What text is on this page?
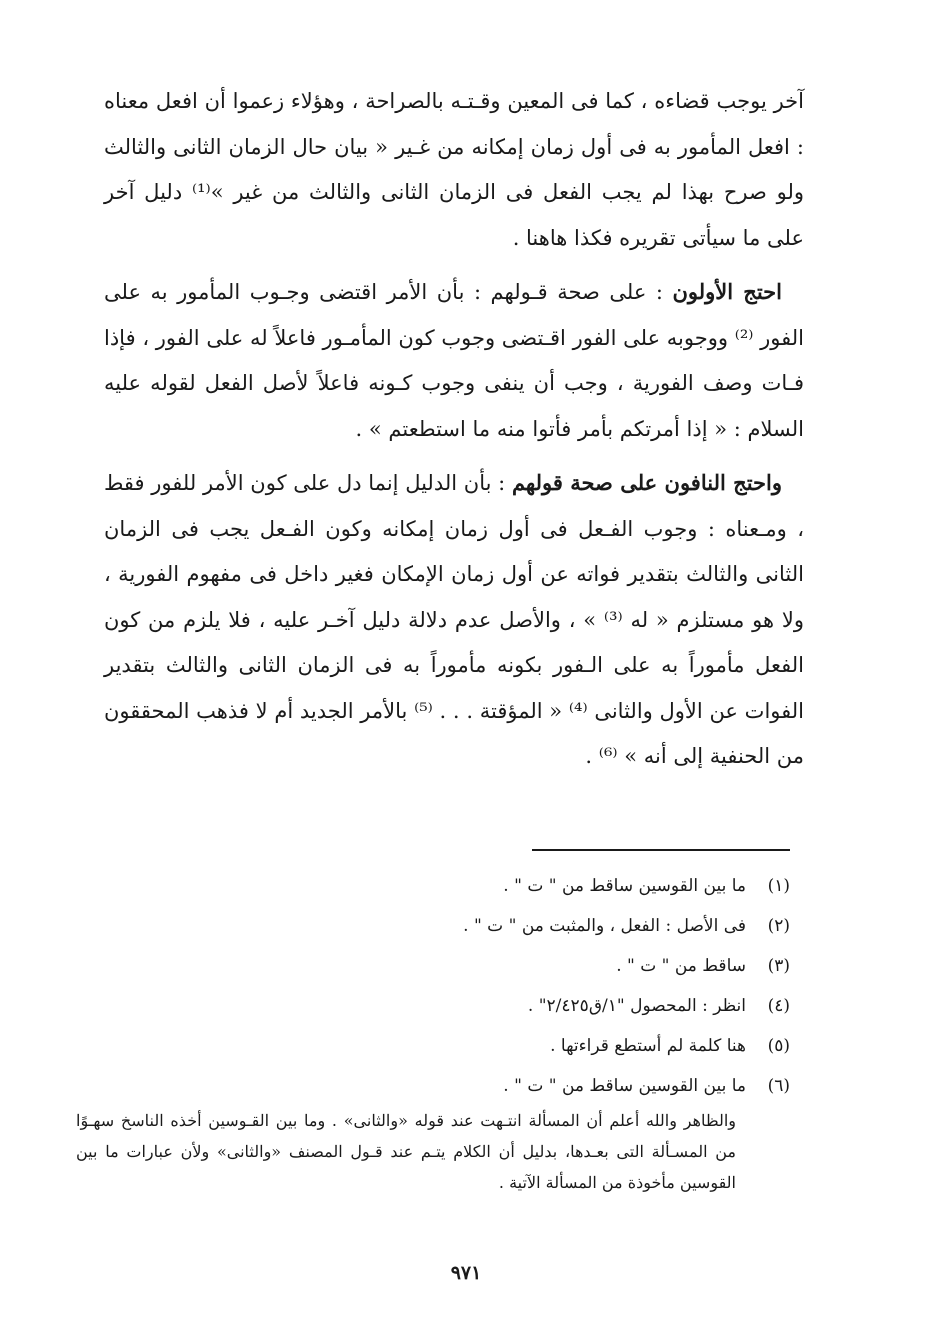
آخر يوجب قضاءه ، كما فى المعين وقـتـه بالصراحة ، وهؤلاء زعموا أن افعل معناه : افعل المأمور به فى أول زمان إمكانه من غـير « بيان حال الزمان الثانى والثالث ولو صرح بهذا لم يجب الفعل فى الزمان الثانى والثالث من غير »⁽¹⁾ دليل آخر على ما سيأتى تقريره فكذا هاهنا .

احتج الأولون : على صحة قـولهم : بأن الأمر اقتضى وجـوب المأمور به على الفور ⁽²⁾ ووجوبه على الفور اقـتضى وجوب كون المأمـور فاعلاً له على الفور ، فإذا فـات وصف الفورية ، وجب أن ينفى وجوب كـونه فاعلاً لأصل الفعل لقوله عليه السلام : « إذا أمرتكم بأمر فأتوا منه ما استطعتم » .

واحتج النافون على صحة قولهم : بأن الدليل إنما دل على كون الأمر للفور فقط ، ومـعناه : وجوب الفـعل فى أول زمان إمكانه وكون الفـعل يجب فى الزمان الثانى والثالث بتقدير فواته عن أول زمان الإمكان فغير داخل فى مفهوم الفورية ، ولا هو مستلزم « له ⁽³⁾ » ، والأصل عدم دلالة دليل آخـر عليه ، فلا يلزم من كون الفعل مأموراً به على الـفور بكونه مأموراً به فى الزمان الثانى والثالث بتقدير الفوات عن الأول والثانى ⁽⁴⁾ « المؤقتة . . . ⁽⁵⁾ بالأمر الجديد أم لا فذهب المحققون من الحنفية إلى أنه » ⁽⁶⁾ .

(١)ما بين القوسين ساقط من " ت " .
(٢)فى الأصل : الفعل ، والمثبت من " ت " .
(٣)ساقط من " ت " .
(٤)انظر : المحصول "١/ق٢/٤٢٥" .
(٥)هنا كلمة لم أستطع قراءتها .
(٦)ما بين القوسين ساقط من " ت " .
والظاهر والله أعلم أن المسألة انتـهت عند قوله «والثانى» . وما بين القـوسين أخذه الناسخ سهـوًا من المسـألة التى بعـدها، بدليل أن الكلام يتـم عند قـول المصنف «والثانى» ولأن عبارات ما بين القوسين مأخوذة من المسألة الآتية .
٩٧١
